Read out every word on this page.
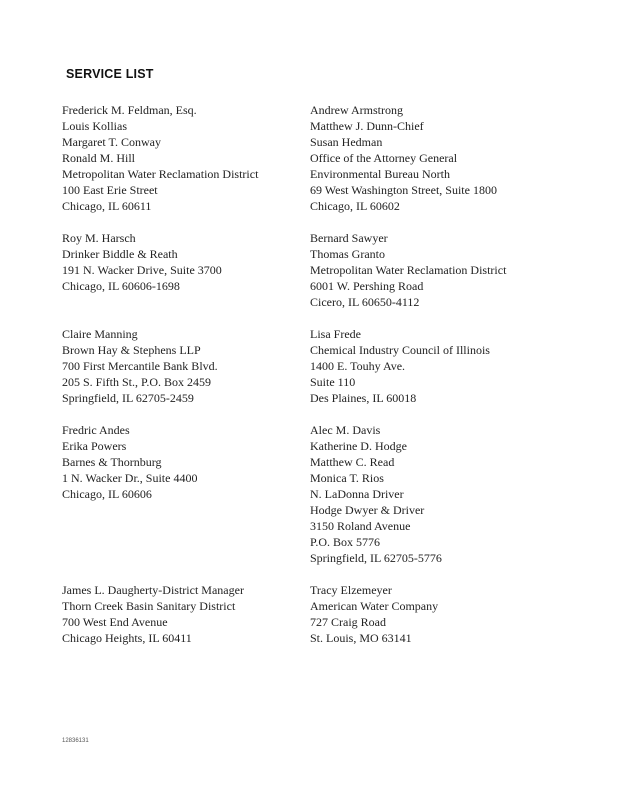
SERVICE LIST
Frederick M. Feldman, Esq.
Louis Kollias
Margaret T. Conway
Ronald M. Hill
Metropolitan Water Reclamation District
100 East Erie Street
Chicago, IL 60611
Andrew Armstrong
Matthew J. Dunn-Chief
Susan Hedman
Office of the Attorney General
Environmental Bureau North
69 West Washington Street, Suite 1800
Chicago, IL 60602
Roy M. Harsch
Drinker Biddle & Reath
191 N. Wacker Drive, Suite 3700
Chicago, IL 60606-1698
Bernard Sawyer
Thomas Granto
Metropolitan Water Reclamation District
6001 W. Pershing Road
Cicero, IL 60650-4112
Claire Manning
Brown Hay & Stephens LLP
700 First Mercantile Bank Blvd.
205 S. Fifth St., P.O. Box 2459
Springfield, IL 62705-2459
Lisa Frede
Chemical Industry Council of Illinois
1400 E. Touhy Ave.
Suite 110
Des Plaines, IL 60018
Fredric Andes
Erika Powers
Barnes & Thornburg
1 N. Wacker Dr., Suite 4400
Chicago, IL 60606
Alec M. Davis
Katherine D. Hodge
Matthew C. Read
Monica T. Rios
N. LaDonna Driver
Hodge Dwyer & Driver
3150 Roland Avenue
P.O. Box 5776
Springfield, IL 62705-5776
James L. Daugherty-District Manager
Thorn Creek Basin Sanitary District
700 West End Avenue
Chicago Heights, IL 60411
Tracy Elzemeyer
American Water Company
727 Craig Road
St. Louis, MO 63141
12836131
